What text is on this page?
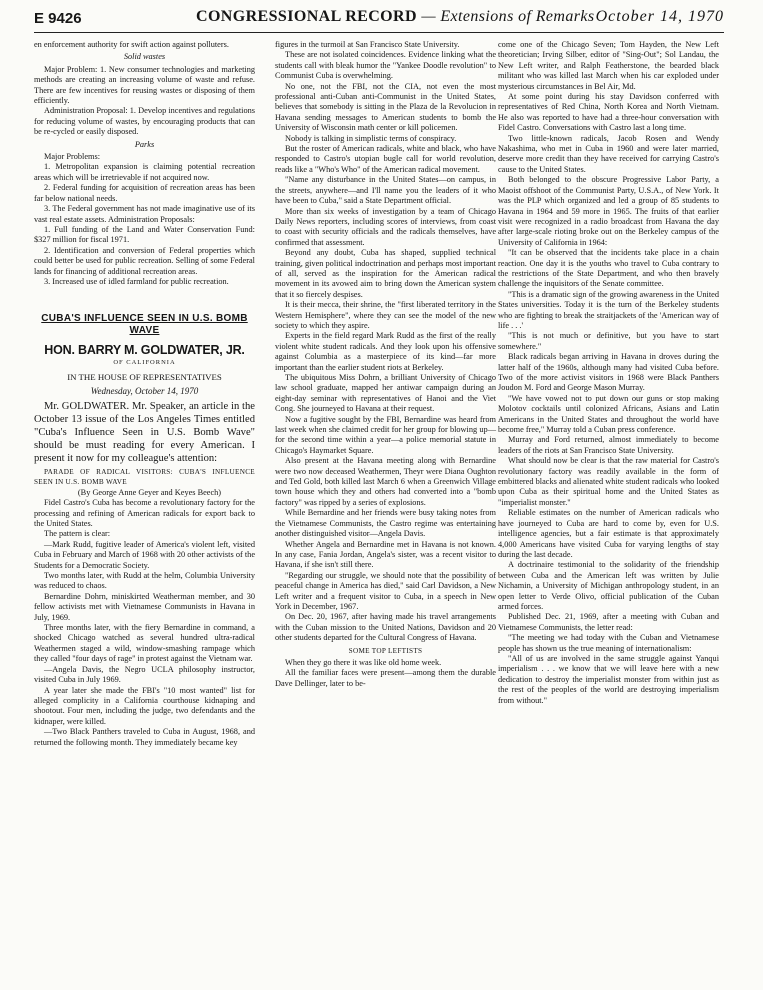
E 9426	CONGRESSIONAL RECORD — Extensions of Remarks October 14, 1970

en enforcement authority for swift action against polluters.

Solid wastes

Major Problem: 1. New consumer technologies and marketing methods are creating an increasing volume of waste and refuse. There are few incentives for reusing wastes or disposing of them efficiently.

Administration Proposal: 1. Develop incentives and regulations for reducing volume of wastes, by encouraging products that can be re-cycled or easily disposed.

Parks

Major Problems:

1. Metropolitan expansion is claiming potential recreation areas which will be irretrievable if not acquired now.

2. Federal funding for acquisition of recreation areas has been far below national needs.

3. The Federal government has not made imaginative use of its vast real estate assets. Administration Proposals:

1. Full funding of the Land and Water Conservation Fund: $327 million for fiscal 1971.

2. Identification and conversion of Federal properties which could better be used for public recreation. Selling of some Federal lands for financing of additional recreation areas.

3. Increased use of idled farmland for public recreation.

CUBA'S INFLUENCE SEEN IN U.S. BOMB WAVE
HON. BARRY M. GOLDWATER, JR.
OF CALIFORNIA
IN THE HOUSE OF REPRESENTATIVES
Wednesday, October 14, 1970

Mr. GOLDWATER. Mr. Speaker, an article in the October 13 issue of the Los Angeles Times entitled "Cuba's Influence Seen in U.S. Bomb Wave" should be must reading for every American. I present it now for my colleague's attention:

PARADE OF RADICAL VISITORS: CUBA'S INFLUENCE SEEN IN U.S. BOMB WAVE

(By George Anne Geyer and Keyes Beech)

Fidel Castro's Cuba has become a revolutionary factory for the processing and refining of American radicals for export back to the United States.

The pattern is clear:

—Mark Rudd, fugitive leader of America's violent left, visited Cuba in February and March of 1968 with 20 other activists of the Students for a Democratic Society.

Two months later, with Rudd at the helm, Columbia University was reduced to chaos.

Bernardine Dohrn, miniskirted Weatherman member, and 30 fellow activists met with Vietnamese Communists in Havana in July, 1969.

Three months later, with the fiery Bernardine in command, a shocked Chicago watched as several hundred ultra-radical Weathermen staged a wild, window-smashing rampage which they called "four days of rage" in protest against the Vietnam war.

—Angela Davis, the Negro UCLA philosophy instructor, visited Cuba in July 1969.

A year later she made the FBI's "10 most wanted" list for alleged complicity in a California courthouse kidnaping and shootout. Four men, including the judge, two defendants and the kidnaper, were killed.

—Two Black Panthers traveled to Cuba in August, 1968, and returned the following month. They immediately became key

figures in the turmoil at San Francisco State University.

These are not isolated coincidences. Evidence linking what the students call with bleak humor the "Yankee Doodle revolution" to Communist Cuba is overwhelming.

No one, not the FBI, not the CIA, not even the most professional anti-Cuban anti-Communist in the United States, believes that somebody is sitting in the Plaza de la Revolucion in Havana sending messages to American students to bomb the University of Wisconsin math center or kill policemen.

Nobody is talking in simplistic terms of conspiracy.

But the roster of American radicals, white and black, who have responded to Castro's utopian bugle call for world revolution, reads like a "Who's Who" of the American radical movement.

"Name any disturbance in the United States—on campus, in the streets, anywhere—and I'll name you the leaders of it who have been to Cuba," said a State Department official.

More than six weeks of investigation by a team of Chicago Daily News reporters, including scores of interviews, from coast to coast with security officials and the radicals themselves, have confirmed that assessment.

Beyond any doubt, Cuba has shaped, supplied technical training, given political indoctrination and perhaps most important of all, served as the inspiration for the American radical movement in its avowed aim to bring down the American system that it so fiercely despises.

It is their mecca, their shrine, the "first liberated territory in the Western Hemisphere", where they can see the model of the new society to which they aspire.

Experts in the field regard Mark Rudd as the first of the really violent white student radicals. And they look upon his offensive against Columbia as a masterpiece of its kind—far more important than the earlier student riots at Berkeley.

The ubiquitous Miss Dohrn, a brilliant University of Chicago law school graduate, mapped her antiwar campaign during an eight-day seminar with representatives of Hanoi and the Viet Cong. She journeyed to Havana at their request.

Now a fugitive sought by the FBI, Bernardine was heard from last week when she claimed credit for her group for blowing up—for the second time within a year—a police memorial statute in Chicago's Haymarket Square.

Also present at the Havana meeting along with Bernardine were two now deceased Weathermen, Theyr were Diana Oughton and Ted Gold, both killed last March 6 when a Greenwich Village town house which they and others had converted into a "bomb factory" was ripped by a series of explosions.

While Bernardine and her friends were busy taking notes from the Vietnamese Communists, the Castro regime was entertaining another distinguished visitor—Angela Davis.

Whether Angela and Bernardine met in Havana is not known. In any case, Fania Jordan, Angela's sister, was a recent visitor to Havana, if she isn't still there.

"Regarding our struggle, we should note that the possibility of peaceful change in America has died," said Carl Davidson, a New Left writer and a frequent visitor to Cuba, in a speech in New York in December, 1967.

On Dec. 20, 1967, after having made his travel arrangements with the Cuban mission to the United Nations, Davidson and 20 other students departed for the Cultural Congress of Havana.

SOME TOP LEFTISTS

When they go there it was like old home week.

All the familiar faces were present—among them the durable Dave Dellinger, later to be-

come one of the Chicago Seven; Tom Hayden, the New Left theoretician; Irving Silber, editor of "Sing-Out"; Sol Landau, the New Left writer, and Ralph Featherstone, the bearded black militant who was killed last March when his car exploded under mysterious circumstances in Bel Air, Md.

At some point during his stay Davidson conferred with representatives of Red China, North Korea and North Vietnam. He also was reported to have had a three-hour conversation with Fidel Castro. Conversations with Castro last a long time.

Two little-known radicals, Jacob Rosen and Wendy Nakashima, who met in Cuba in 1960 and were later married, deserve more credit than they have received for carrying Castro's cause to the United States.

Both belonged to the obscure Progressive Labor Party, a Maoist offshoot of the Communist Party, U.S.A., of New York. It was the PLP which organized and led a group of 85 students to Havana in 1964 and 59 more in 1965. The fruits of that earlier visit were recognized in a radio broadcast from Havana the day after large-scale rioting broke out on the Berkeley campus of the University of California in 1964:

"It can be observed that the incidents take place in a chain reaction. One day it is the youths who travel to Cuba contrary to the restrictions of the State Department, and who then bravely challenge the inquisitors of the Senate committee.

"This is a dramatic sign of the growing awareness in the United States universities. Today it is the turn of the Berkeley students who are fighting to break the straitjackets of the 'American way of life . . .'

"This is not much or definitive, but you have to start somewhere."

Black radicals began arriving in Havana in droves during the latter half of the 1960s, although many had visited Cuba before. Two of the more activist visitors in 1968 were Black Panthers Joudon M. Ford and George Mason Murray.

"We have vowed not to put down our guns or stop making Molotov cocktails until colonized Africans, Asians and Latin Americans in the United States and throughout the world have become free," Murray told a Cuban press conference.

Murray and Ford returned, almost immediately to become leaders of the riots at San Francisco State University.

What should now be clear is that the raw material for Castro's revolutionary factory was readily available in the form of embittered blacks and alienated white student radicals who looked upon Cuba as their spiritual home and the United States as "imperialist monster."

Reliable estimates on the number of American radicals who have journeyed to Cuba are hard to come by, even for U.S. intelligence agencies, but a fair estimate is that approximately 4,000 Americans have visited Cuba for varying lengths of stay during the last decade.

A doctrinaire testimonial to the solidarity of the friendship between Cuba and the American left was written by Julie Nichamin, a University of Michigan anthropology student, in an open letter to Verde Olivo, official publication of the Cuban armed forces.

Published Dec. 21, 1969, after a meeting with Cuban and Vietnamese Communists, the letter read:

"The meeting we had today with the Cuban and Vietnamese people has shown us the true meaning of internationalism:

"All of us are involved in the same struggle against Yanqui imperialism . . . we know that we will leave here with a new dedication to destroy the imperialist monster from within just as the rest of the peoples of the world are destroying imperialism from without."
